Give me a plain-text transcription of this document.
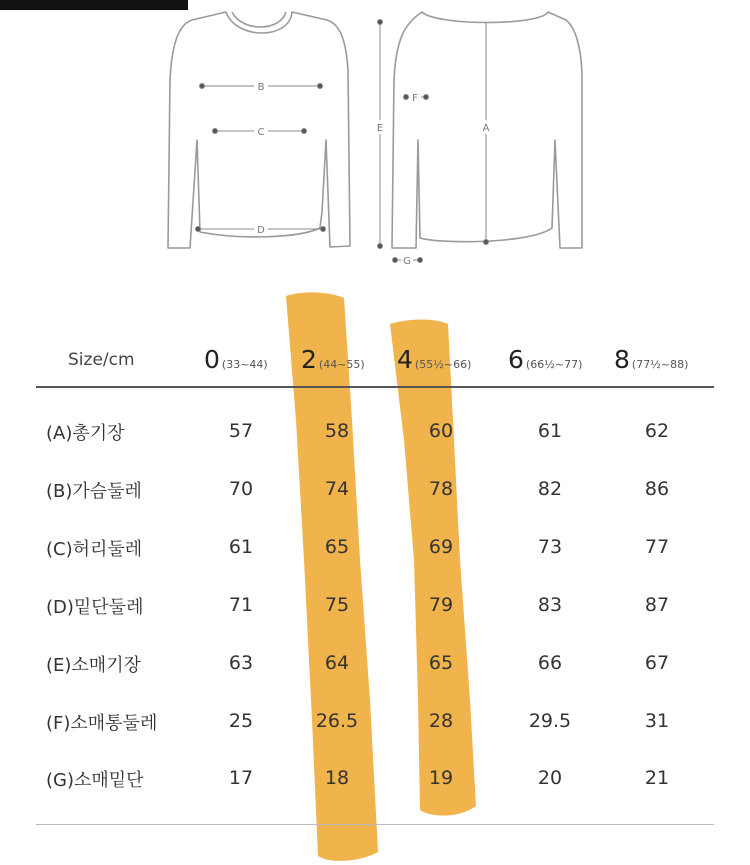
B
C
D
E
F
A
G
Size/cm	0 (33~44) 2 (44~55) 4 (55½~66) 6 (66½~77) 8 (77½~88)
(A)총기장	57	58	60	61	62
(B)가슴둘레	70	74	78	82	86
(C)허리둘레	61	65	69	73	77
(D)밑단둘레	71	75	79	83	87
(E)소매기장	63	64	65	66	67
(F)소매통둘레	25	26.5	28	29.5	31
(G)소매밑단	17	18	19	20	21
